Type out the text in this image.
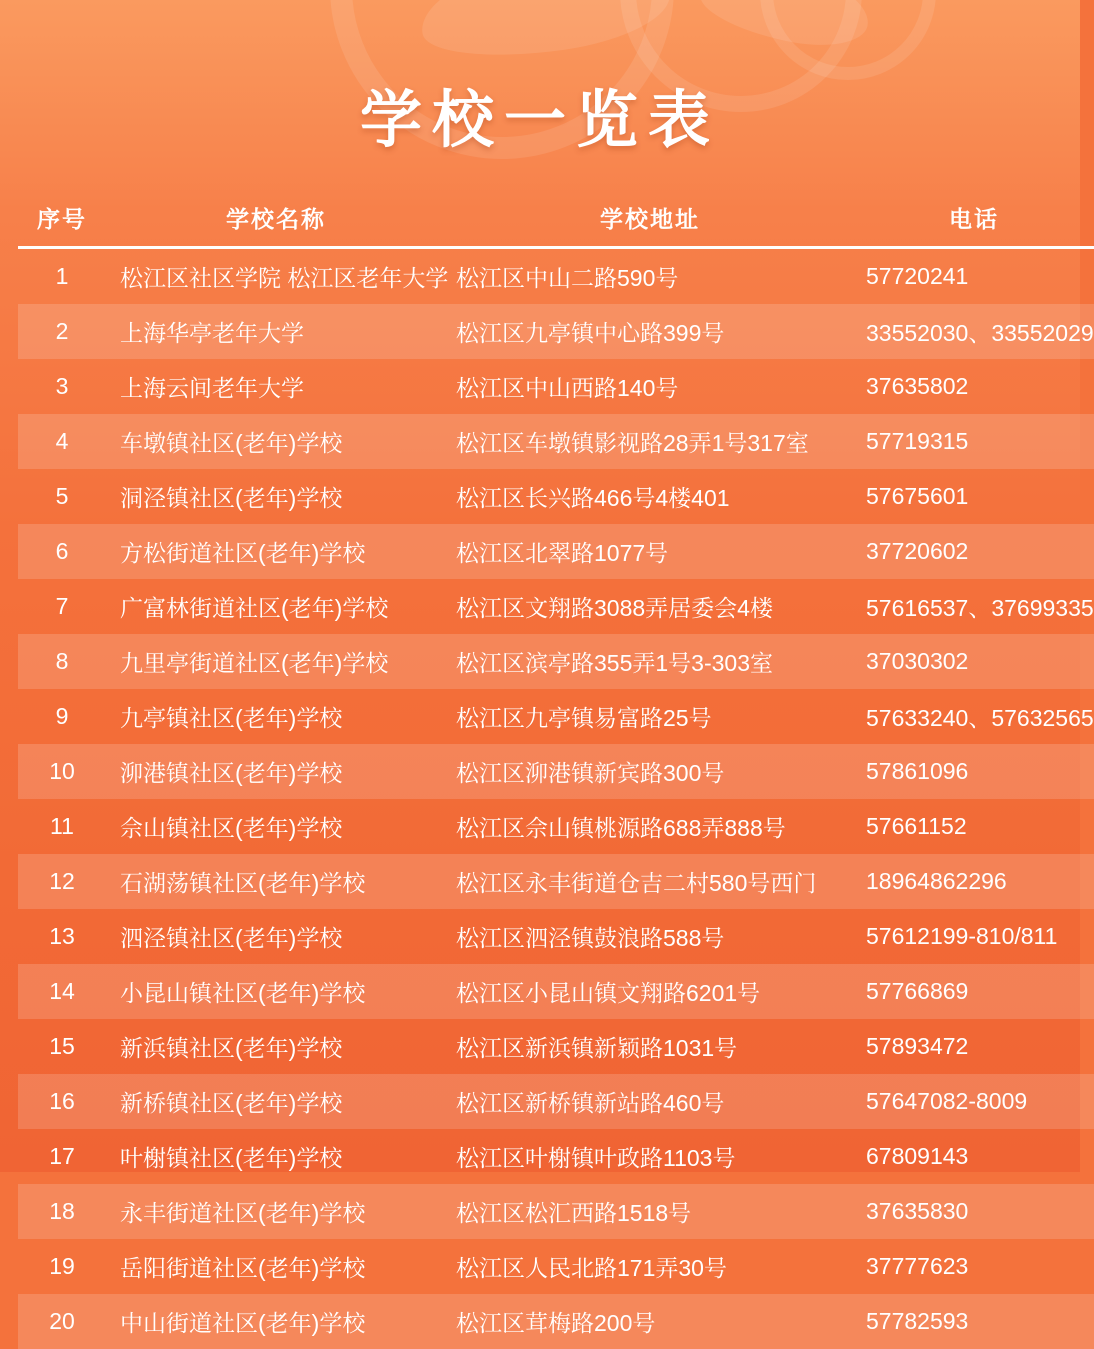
学校一览表
序号	学校名称	学校地址	电话
1	松江区社区学院 松江区老年大学	松江区中山二路590号	57720241
2	上海华亭老年大学	松江区九亭镇中心路399号	33552030、33552029
3	上海云间老年大学	松江区中山西路140号	37635802
4	车墩镇社区(老年)学校	松江区车墩镇影视路28弄1号317室	57719315
5	洞泾镇社区(老年)学校	松江区长兴路466号4楼401	57675601
6	方松街道社区(老年)学校	松江区北翠路1077号	37720602
7	广富林街道社区(老年)学校	松江区文翔路3088弄居委会4楼	57616537、37699335
8	九里亭街道社区(老年)学校	松江区滨亭路355弄1号3-303室	37030302
9	九亭镇社区(老年)学校	松江区九亭镇易富路25号	57633240、57632565
10	泖港镇社区(老年)学校	松江区泖港镇新宾路300号	57861096
11	佘山镇社区(老年)学校	松江区佘山镇桃源路688弄888号	57661152
12	石湖荡镇社区(老年)学校	松江区永丰街道仓吉二村580号西门	18964862296
13	泗泾镇社区(老年)学校	松江区泗泾镇鼓浪路588号	57612199-810/811
14	小昆山镇社区(老年)学校	松江区小昆山镇文翔路6201号	57766869
15	新浜镇社区(老年)学校	松江区新浜镇新颖路1031号	57893472
16	新桥镇社区(老年)学校	松江区新桥镇新站路460号	57647082-8009
17	叶榭镇社区(老年)学校	松江区叶榭镇叶政路1103号	67809143
18	永丰街道社区(老年)学校	松江区松汇西路1518号	37635830
19	岳阳街道社区(老年)学校	松江区人民北路171弄30号	37777623
20	中山街道社区(老年)学校	松江区茸梅路200号	57782593
